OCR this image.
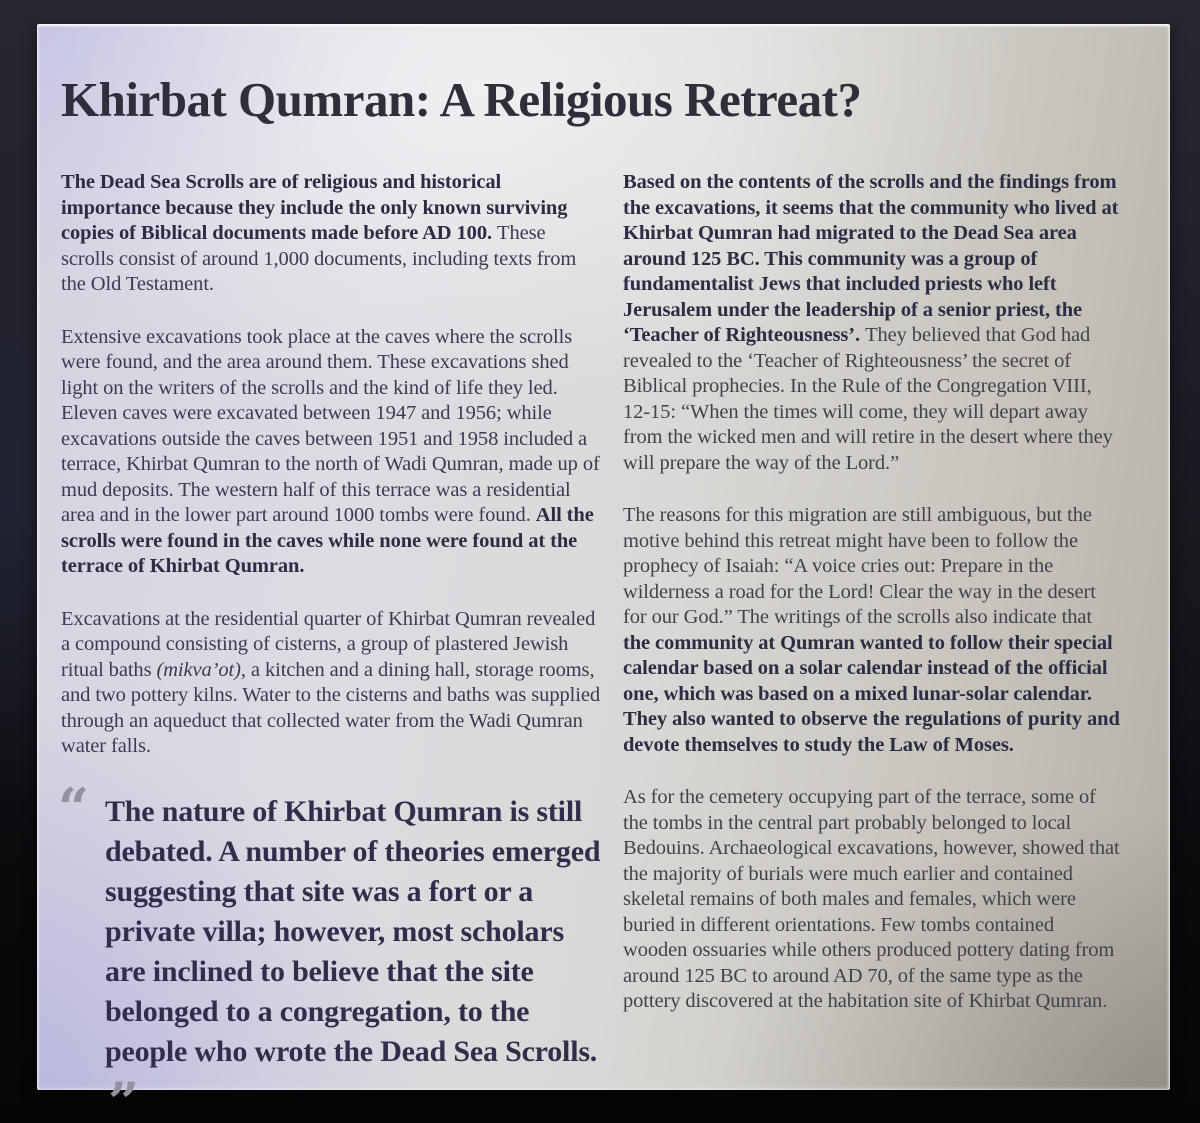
Khirbat Qumran: A Religious Retreat?

The Dead Sea Scrolls are of religious and historical importance because they include the only known surviving copies of Biblical documents made before AD 100. These scrolls consist of around 1,000 documents, including texts from the Old Testament.

Extensive excavations took place at the caves where the scrolls were found, and the area around them. These excavations shed light on the writers of the scrolls and the kind of life they led. Eleven caves were excavated between 1947 and 1956; while excavations outside the caves between 1951 and 1958 included a terrace, Khirbat Qumran to the north of Wadi Qumran, made up of mud deposits. The western half of this terrace was a residential area and in the lower part around 1000 tombs were found. All the scrolls were found in the caves while none were found at the terrace of Khirbat Qumran.

Excavations at the residential quarter of Khirbat Qumran revealed a compound consisting of cisterns, a group of plastered Jewish ritual baths (mikva’ot), a kitchen and a dining hall, storage rooms, and two pottery kilns. Water to the cisterns and baths was supplied through an aqueduct that collected water from the Wadi Qumran water falls.

“ The nature of Khirbat Qumran is still debated. A number of theories emerged suggesting that site was a fort or a private villa; however, most scholars are inclined to believe that the site belonged to a congregation, to the people who wrote the Dead Sea Scrolls.”

Based on the contents of the scrolls and the findings from the excavations, it seems that the community who lived at Khirbat Qumran had migrated to the Dead Sea area around 125 BC. This community was a group of fundamentalist Jews that included priests who left Jerusalem under the leadership of a senior priest, the ‘Teacher of Righteousness’. They believed that God had revealed to the ‘Teacher of Righteousness’ the secret of Biblical prophecies. In the Rule of the Congregation VIII, 12-15: “When the times will come, they will depart away from the wicked men and will retire in the desert where they will prepare the way of the Lord.”

The reasons for this migration are still ambiguous, but the motive behind this retreat might have been to follow the prophecy of Isaiah: “A voice cries out: Prepare in the wilderness a road for the Lord! Clear the way in the desert for our God.” The writings of the scrolls also indicate that the community at Qumran wanted to follow their special calendar based on a solar calendar instead of the official one, which was based on a mixed lunar-solar calendar. They also wanted to observe the regulations of purity and devote themselves to study the Law of Moses.

As for the cemetery occupying part of the terrace, some of the tombs in the central part probably belonged to local Bedouins. Archaeological excavations, however, showed that the majority of burials were much earlier and contained skeletal remains of both males and females, which were buried in different orientations. Few tombs contained wooden ossuaries while others produced pottery dating from around 125 BC to around AD 70, of the same type as the pottery discovered at the habitation site of Khirbat Qumran.
